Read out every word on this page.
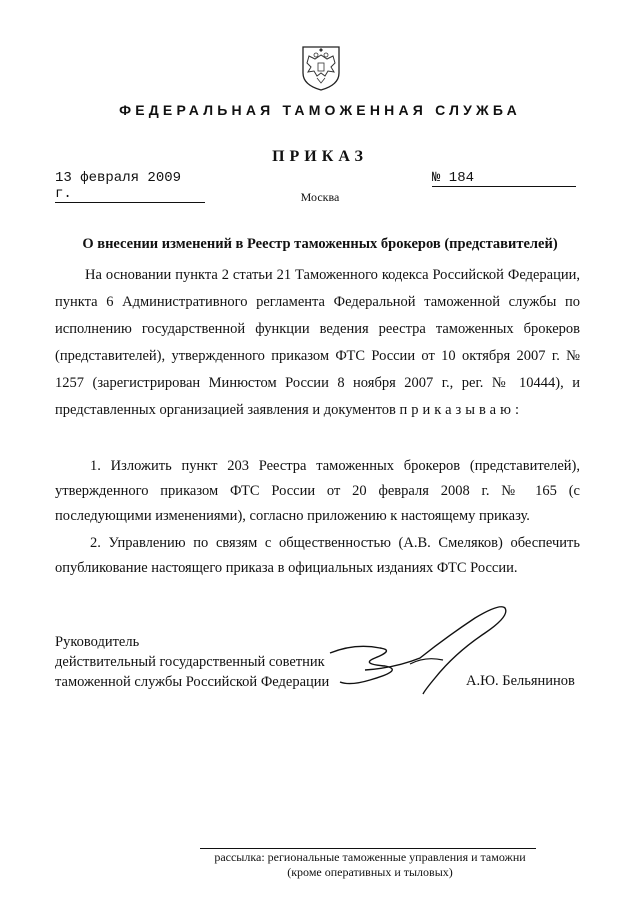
ФЕДЕРАЛЬНАЯ ТАМОЖЕННАЯ СЛУЖБА
ПРИКАЗ
13 февраля 2009 г.
№ 184
Москва
О внесении изменений в Реестр таможенных брокеров (представителей)

На основании пункта 2 статьи 21 Таможенного кодекса Российской Федерации, пункта 6 Административного регламента Федеральной таможенной службы по исполнению государственной функции ведения реестра таможенных брокеров (представителей), утвержденного приказом ФТС России от 10 октября 2007 г. № 1257 (зарегистрирован Минюстом России 8 ноября 2007 г., рег. № 10444), и представленных организацией заявления и документов приказываю:

1. Изложить пункт 203 Реестра таможенных брокеров (представителей), утвержденного приказом ФТС России от 20 февраля 2008 г. № 165 (с последующими изменениями), согласно приложению к настоящему приказу.

2. Управлению по связям с общественностью (А.В. Смеляков) обеспечить опубликование настоящего приказа в официальных изданиях ФТС России.

Руководитель
действительный государственный советник
таможенной службы Российской Федерации	А.Ю. Бельянинов
рассылка: региональные таможенные управления и таможни
(кроме оперативных и тыловых)
